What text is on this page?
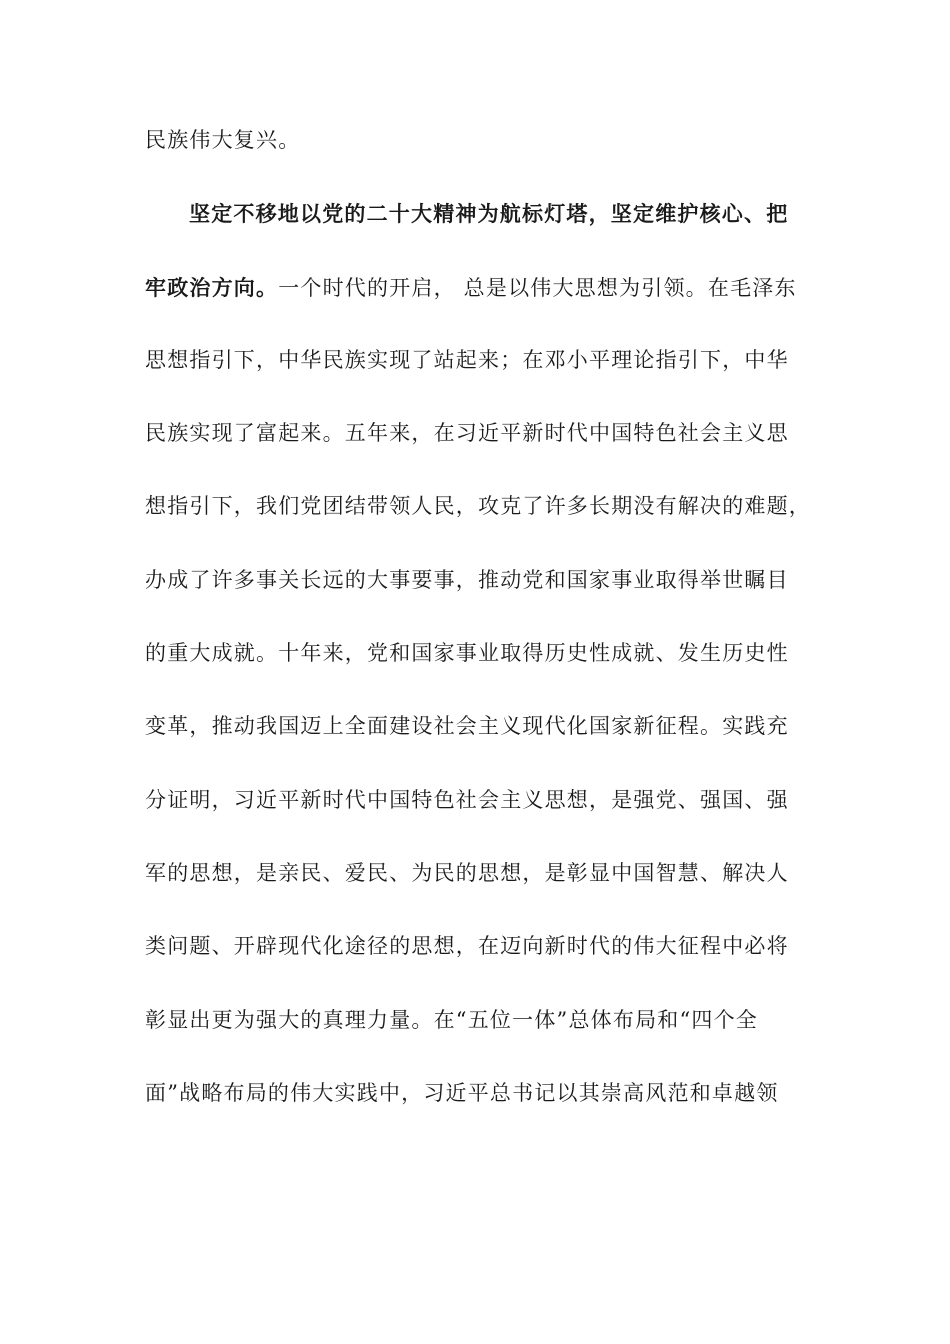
民族伟大复兴。
坚定不移地以党的二十大精神为航标灯塔，坚定维护核心、把
牢政治方向。一个时代的开启， 总是以伟大思想为引领。在毛泽东
思想指引下，中华民族实现了站起来；在邓小平理论指引下，中华
民族实现了富起来。五年来，在习近平新时代中国特色社会主义思
想指引下，我们党团结带领人民，攻克了许多长期没有解决的难题，
办成了许多事关长远的大事要事，推动党和国家事业取得举世瞩目
的重大成就。十年来，党和国家事业取得历史性成就、发生历史性
变革，推动我国迈上全面建设社会主义现代化国家新征程。实践充
分证明，习近平新时代中国特色社会主义思想，是强党、强国、强
军的思想，是亲民、爱民、为民的思想，是彰显中国智慧、解决人
类问题、开辟现代化途径的思想，在迈向新时代的伟大征程中必将
彰显出更为强大的真理力量。在“五位一体”总体布局和“四个全
面”战略布局的伟大实践中，习近平总书记以其崇高风范和卓越领
